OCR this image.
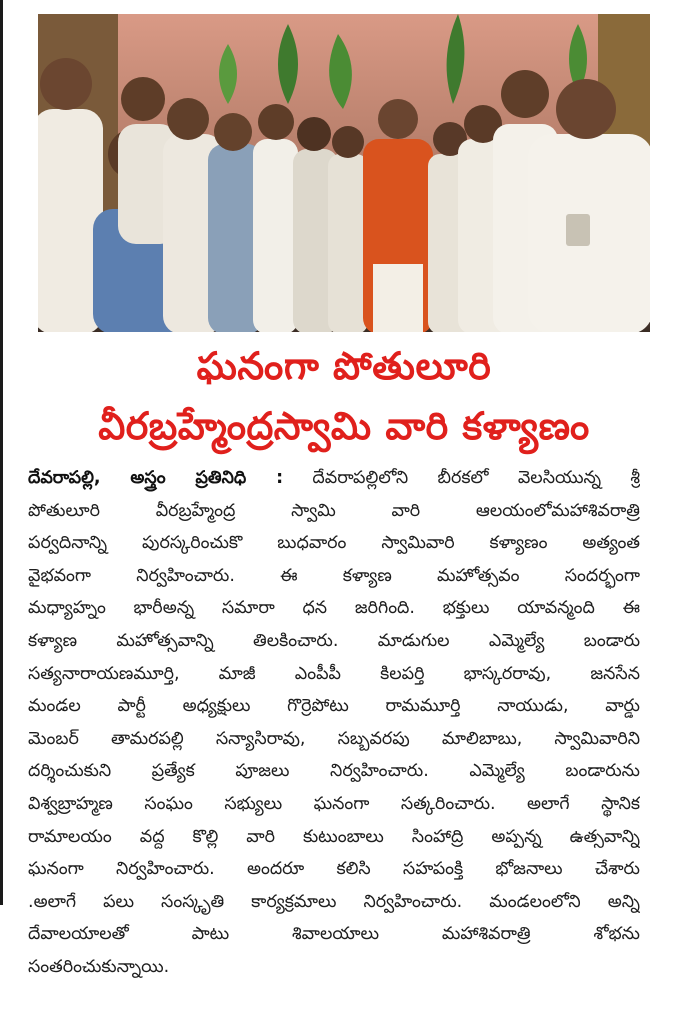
ఘనంగా పోతులూరి
వీరబ్రహ్మేంద్రస్వామి వారి కళ్యాణం
దేవరాపల్లి, అస్త్రం ప్రతినిధి : దేవరాపల్లిలోని బీరకలో వెలసియున్న శ్రీ
పోతులూరి వీరబ్రహ్మేంద్ర స్వామి వారి ఆలయంలోమహాశివరాత్రి
పర్వదినాన్ని పురస్కరించుకొ బుధవారం స్వామివారి కళ్యాణం అత్యంత
వైభవంగా నిర్వహించారు. ఈ కళ్యాణ మహోత్సవం సందర్భంగా
మధ్యాహ్నం భారీఅన్న సమారా ధన జరిగింది. భక్తులు యావన్మంది ఈ
కళ్యాణ మహోత్సవాన్ని తిలకించారు. మాడుగుల ఎమ్మెల్యే బండారు
సత్యనారాయణమూర్తి, మాజీ ఎంపీపీ కిలపర్తి భాస్కరరావు, జనసేన
మండల పార్టీ అధ్యక్షులు గొర్రెపోటు రామమూర్తి నాయుడు, వార్డు
మెంబర్ తామరపల్లి సన్యాసిరావు, సబ్బవరపు మాలిబాబు, స్వామివారిని
దర్శించుకుని ప్రత్యేక పూజలు నిర్వహించారు. ఎమ్మెల్యే బండారును
విశ్వబ్రాహ్మణ సంఘం సభ్యులు ఘనంగా సత్కరించారు. అలాగే స్థానిక
రామాలయం వద్ద కొల్లి వారి కుటుంబాలు సింహాద్రి అప్పన్న ఉత్సవాన్ని
ఘనంగా నిర్వహించారు. అందరూ కలిసి సహపంక్తి భోజనాలు చేశారు
.అలాగే పలు సంస్కృతి కార్యక్రమాలు నిర్వహించారు. మండలంలోని అన్ని
దేవాలయాలతో పాటు శివాలయాలు మహాశివరాత్రి శోభను
సంతరించుకున్నాయి.
